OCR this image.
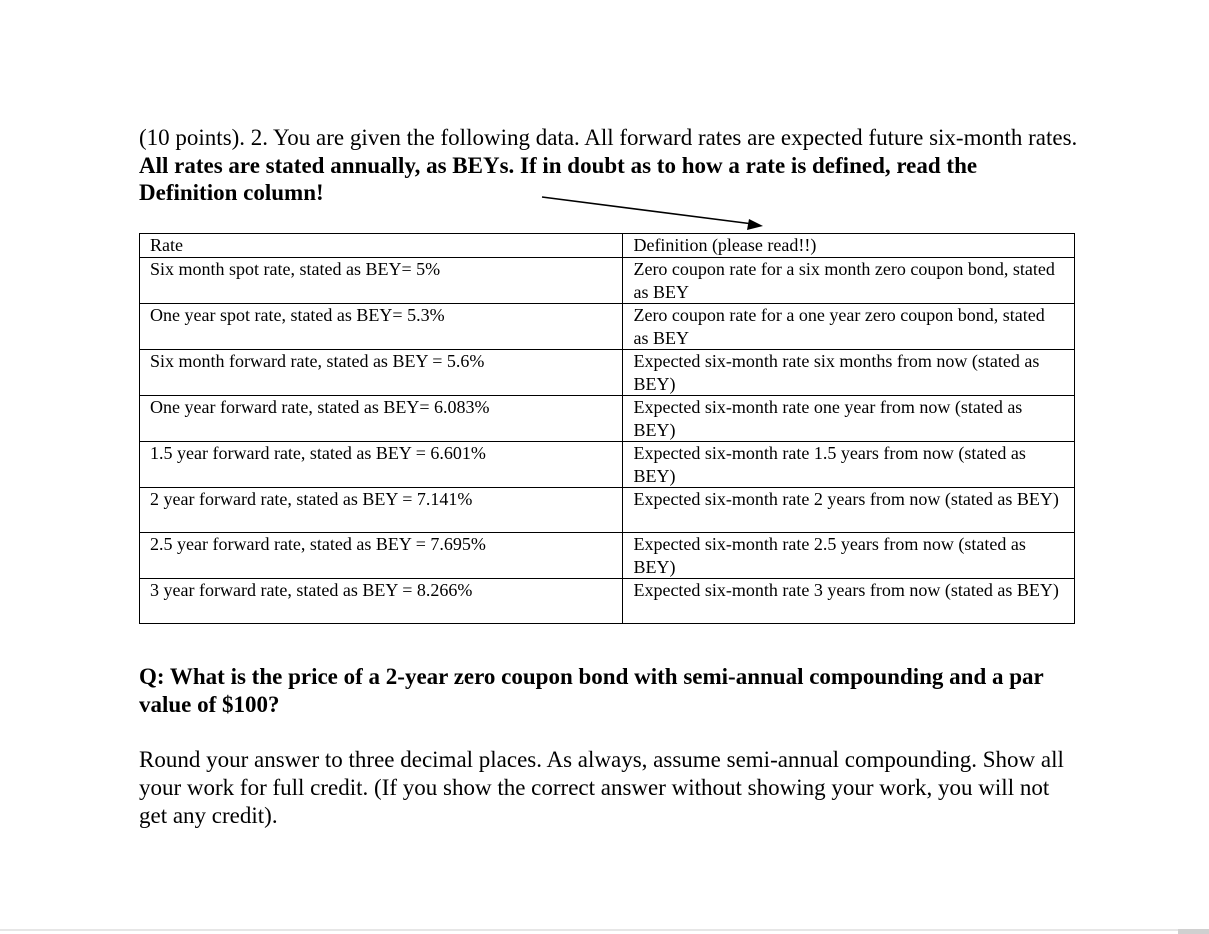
(10 points). 2. You are given the following data. All forward rates are expected future six-month rates. All rates are stated annually, as BEYs. If in doubt as to how a rate is defined, read the Definition column!

Rate	Definition (please read!!)
Six month spot rate, stated as BEY= 5%	Zero coupon rate for a six month zero coupon bond, stated as BEY
One year spot rate, stated as BEY= 5.3%	Zero coupon rate for a one year zero coupon bond, stated as BEY
Six month forward rate, stated as BEY = 5.6%	Expected six-month rate six months from now (stated as BEY)
One year forward rate, stated as BEY= 6.083%	Expected six-month rate one year from now (stated as BEY)
1.5 year forward rate, stated as BEY = 6.601%	Expected six-month rate 1.5 years from now (stated as BEY)
2 year forward rate, stated as BEY = 7.141%	Expected six-month rate 2 years from now (stated as BEY)
2.5 year forward rate, stated as BEY = 7.695%	Expected six-month rate 2.5 years from now (stated as BEY)
3 year forward rate, stated as BEY = 8.266%	Expected six-month rate 3 years from now (stated as BEY)

Q: What is the price of a 2-year zero coupon bond with semi-annual compounding and a par value of $100?

Round your answer to three decimal places. As always, assume semi-annual compounding. Show all your work for full credit. (If you show the correct answer without showing your work, you will not get any credit).
